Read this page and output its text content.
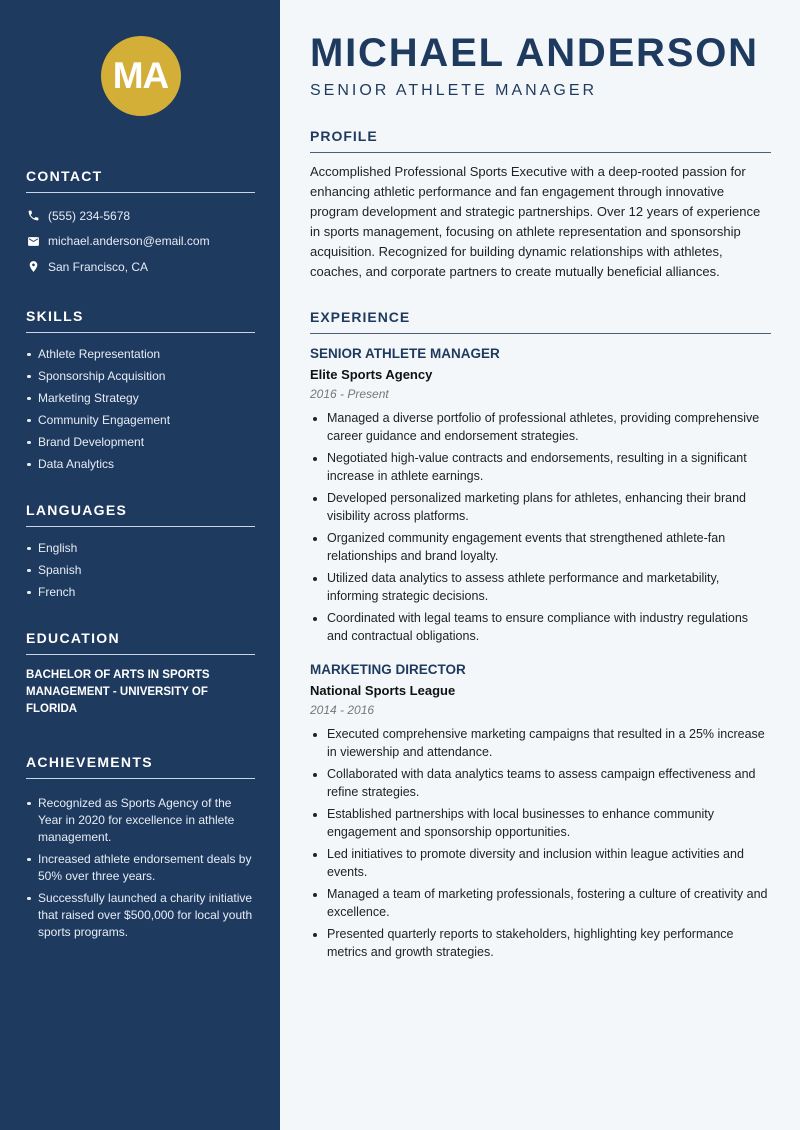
MA
CONTACT
(555) 234-5678
michael.anderson@email.com
San Francisco, CA
SKILLS
Athlete Representation
Sponsorship Acquisition
Marketing Strategy
Community Engagement
Brand Development
Data Analytics
LANGUAGES
English
Spanish
French
EDUCATION

BACHELOR OF ARTS IN SPORTS MANAGEMENT - UNIVERSITY OF FLORIDA

ACHIEVEMENTS
Recognized as Sports Agency of the Year in 2020 for excellence in athlete management.
Increased athlete endorsement deals by 50% over three years.
Successfully launched a charity initiative that raised over $500,000 for local youth sports programs.
MICHAEL ANDERSON
SENIOR ATHLETE MANAGER
PROFILE

Accomplished Professional Sports Executive with a deep-rooted passion for enhancing athletic performance and fan engagement through innovative program development and strategic partnerships. Over 12 years of experience in sports management, focusing on athlete representation and sponsorship acquisition. Recognized for building dynamic relationships with athletes, coaches, and corporate partners to create mutually beneficial alliances.

EXPERIENCE
SENIOR ATHLETE MANAGER
Elite Sports Agency
2016 - Present
Managed a diverse portfolio of professional athletes, providing comprehensive career guidance and endorsement strategies.
Negotiated high-value contracts and endorsements, resulting in a significant increase in athlete earnings.
Developed personalized marketing plans for athletes, enhancing their brand visibility across platforms.
Organized community engagement events that strengthened athlete-fan relationships and brand loyalty.
Utilized data analytics to assess athlete performance and marketability, informing strategic decisions.
Coordinated with legal teams to ensure compliance with industry regulations and contractual obligations.
MARKETING DIRECTOR
National Sports League
2014 - 2016
Executed comprehensive marketing campaigns that resulted in a 25% increase in viewership and attendance.
Collaborated with data analytics teams to assess campaign effectiveness and refine strategies.
Established partnerships with local businesses to enhance community engagement and sponsorship opportunities.
Led initiatives to promote diversity and inclusion within league activities and events.
Managed a team of marketing professionals, fostering a culture of creativity and excellence.
Presented quarterly reports to stakeholders, highlighting key performance metrics and growth strategies.
